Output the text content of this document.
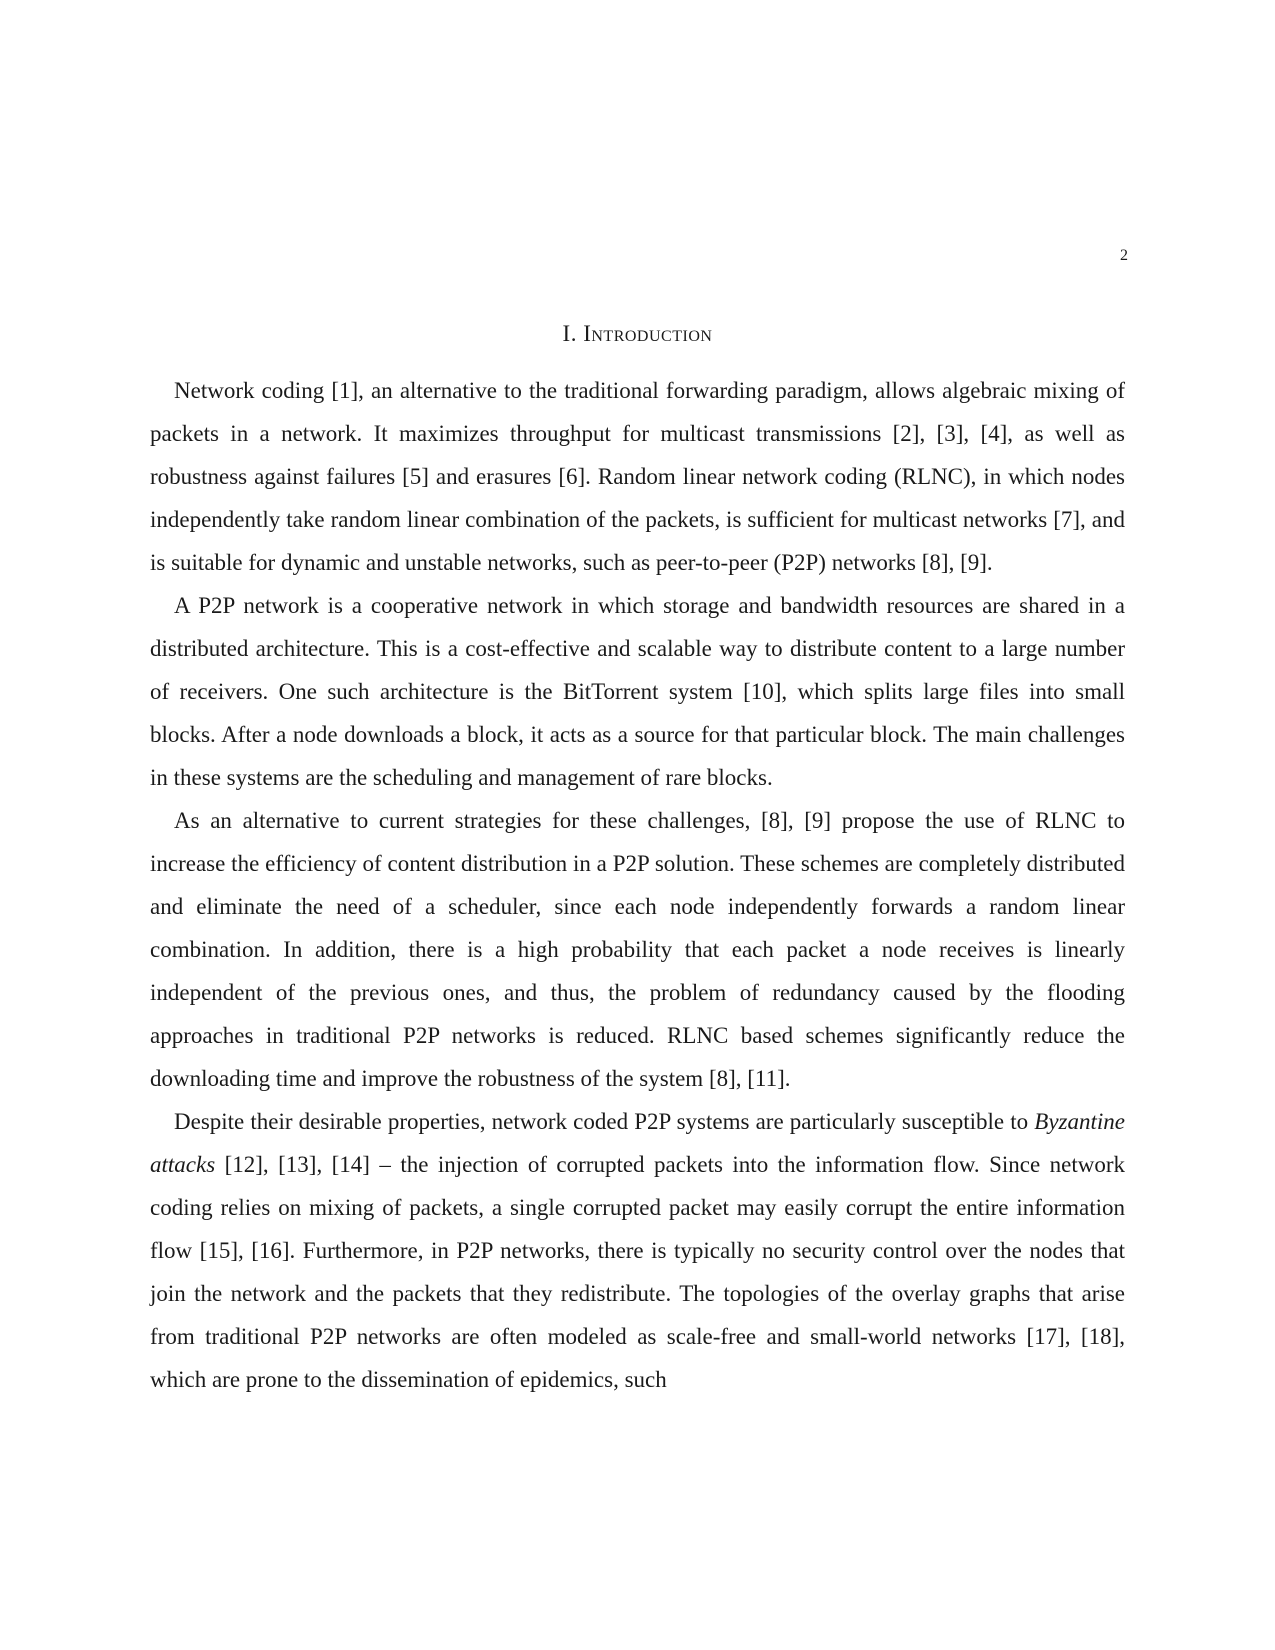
2
I. Introduction

Network coding [1], an alternative to the traditional forwarding paradigm, allows algebraic mixing of packets in a network. It maximizes throughput for multicast transmissions [2], [3], [4], as well as robustness against failures [5] and erasures [6]. Random linear network coding (RLNC), in which nodes independently take random linear combination of the packets, is sufficient for multicast networks [7], and is suitable for dynamic and unstable networks, such as peer-to-peer (P2P) networks [8], [9].

A P2P network is a cooperative network in which storage and bandwidth resources are shared in a distributed architecture. This is a cost-effective and scalable way to distribute content to a large number of receivers. One such architecture is the BitTorrent system [10], which splits large files into small blocks. After a node downloads a block, it acts as a source for that particular block. The main challenges in these systems are the scheduling and management of rare blocks.

As an alternative to current strategies for these challenges, [8], [9] propose the use of RLNC to increase the efficiency of content distribution in a P2P solution. These schemes are completely distributed and eliminate the need of a scheduler, since each node independently forwards a random linear combination. In addition, there is a high probability that each packet a node receives is linearly independent of the previous ones, and thus, the problem of redundancy caused by the flooding approaches in traditional P2P networks is reduced. RLNC based schemes significantly reduce the downloading time and improve the robustness of the system [8], [11].

Despite their desirable properties, network coded P2P systems are particularly susceptible to Byzantine attacks [12], [13], [14] – the injection of corrupted packets into the information flow. Since network coding relies on mixing of packets, a single corrupted packet may easily corrupt the entire information flow [15], [16]. Furthermore, in P2P networks, there is typically no security control over the nodes that join the network and the packets that they redistribute. The topologies of the overlay graphs that arise from traditional P2P networks are often modeled as scale-free and small-world networks [17], [18], which are prone to the dissemination of epidemics, such
